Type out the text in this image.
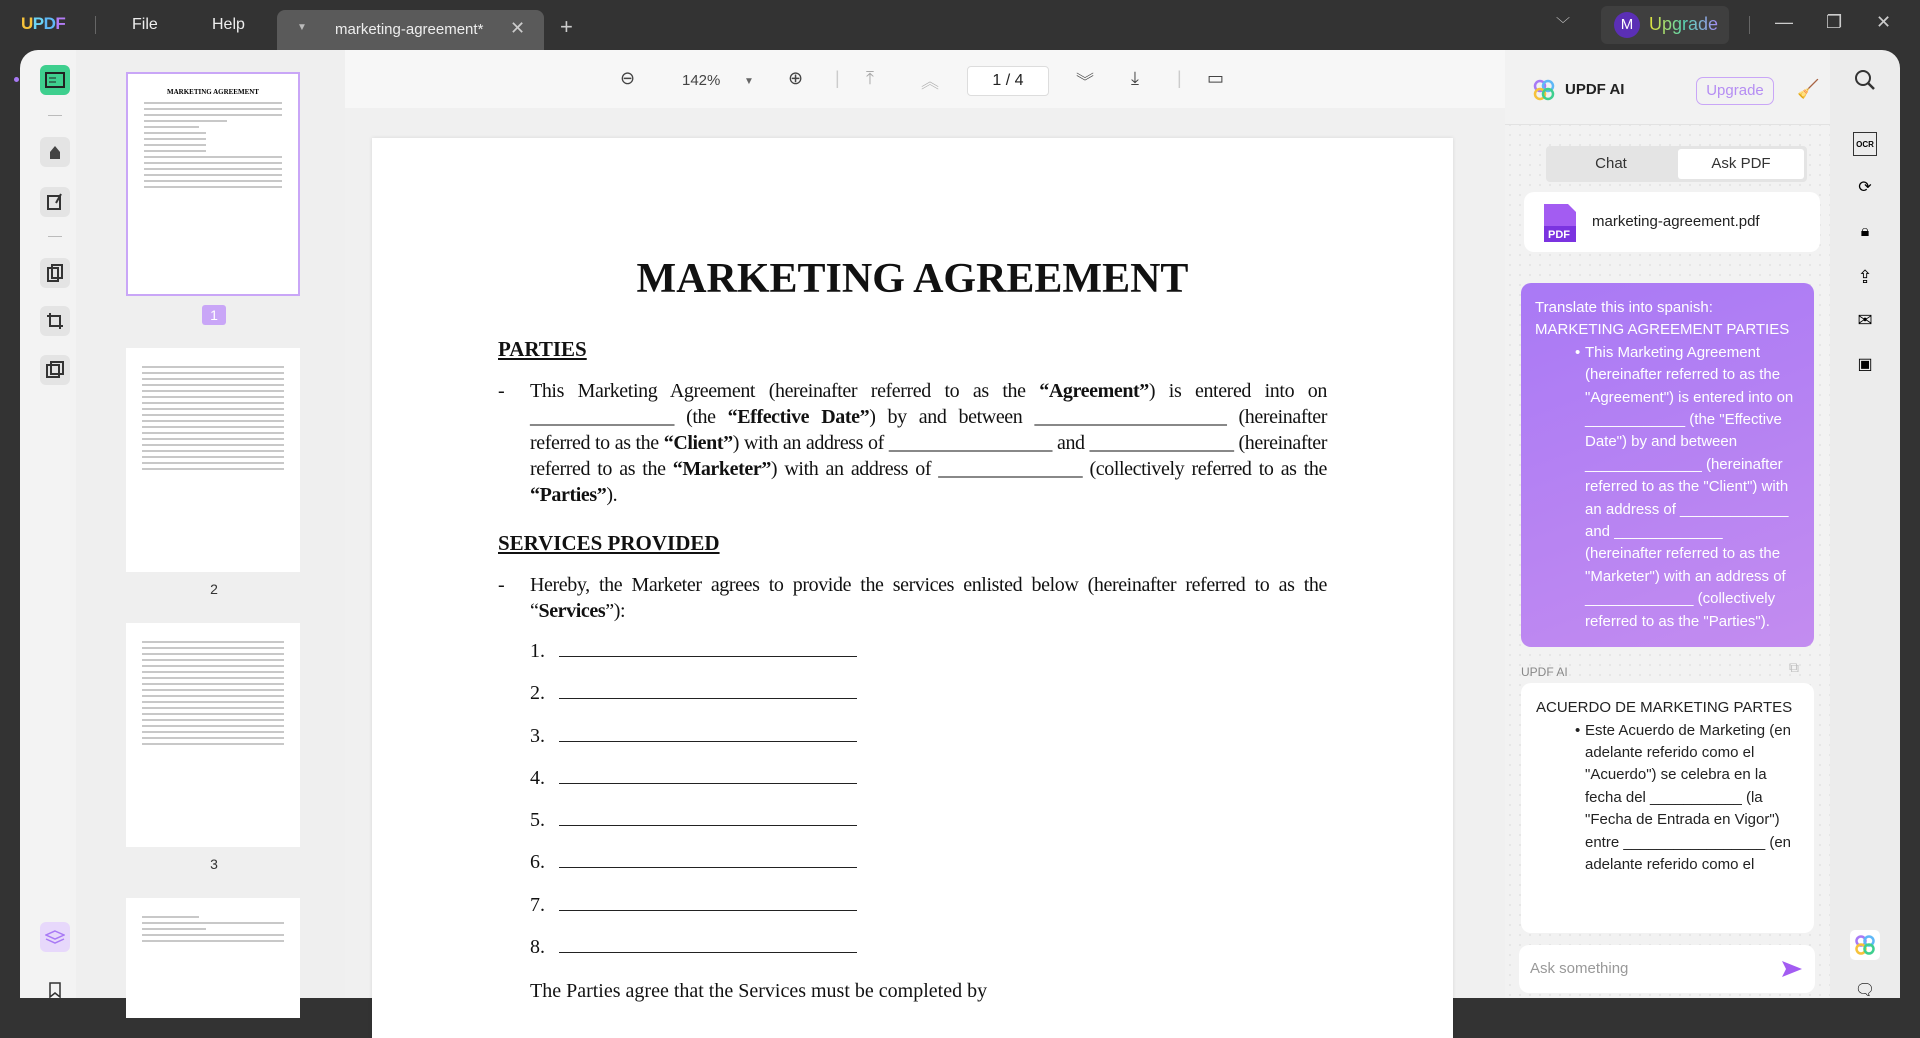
UPDF	File	Help	▼ marketing-agreement* ✕ +	﹀	M Upgrade	— ❐ ✕
MARKETING AGREEMENT
1
2
3
⊖	142% ▼ ⊕ | ⤒	︽	1 / 4	︾ ⤓ | ▭
MARKETING AGREEMENT
PARTIES
-	This Marketing Agreement (hereinafter referred to as the “Agreement”) is entered into on _______________ (the “Effective Date”) by and between ____________________ (hereinafter referred to as the “Client”) with an address of _________________ and _______________ (hereinafter referred to as the “Marketer”) with an address of _______________ (collectively referred to as the “Parties”).
SERVICES PROVIDED
-	Hereby, the Marketer agrees to provide the services enlisted below (hereinafter referred to as the “Services”):
1.
2.
3.
4.
5.
6.
7.
8.
The Parties agree that the Services must be completed by
UPDF AI	Upgrade	🧹
Chat	Ask PDF
PDF
marketing-agreement.pdf
Translate this into spanish:
MARKETING AGREEMENT PARTIES
• This Marketing Agreement (hereinafter referred to as the "Agreement") is entered into on ____________ (the "Effective Date") by and between ______________ (hereinafter referred to as the "Client") with an address of _____________ and _____________ (hereinafter referred to as the "Marketer") with an address of _____________ (collectively referred to as the "Parties").
UPDF AI	⧉
ACUERDO DE MARKETING PARTES
• Este Acuerdo de Marketing (en adelante referido como el "Acuerdo") se celebra en la fecha del ___________ (la "Fecha de Entrada en Vigor") entre _________________ (en adelante referido como el
Ask something
OCR
⟳
🔒︎
⇪
✉
▣
🗨︎
